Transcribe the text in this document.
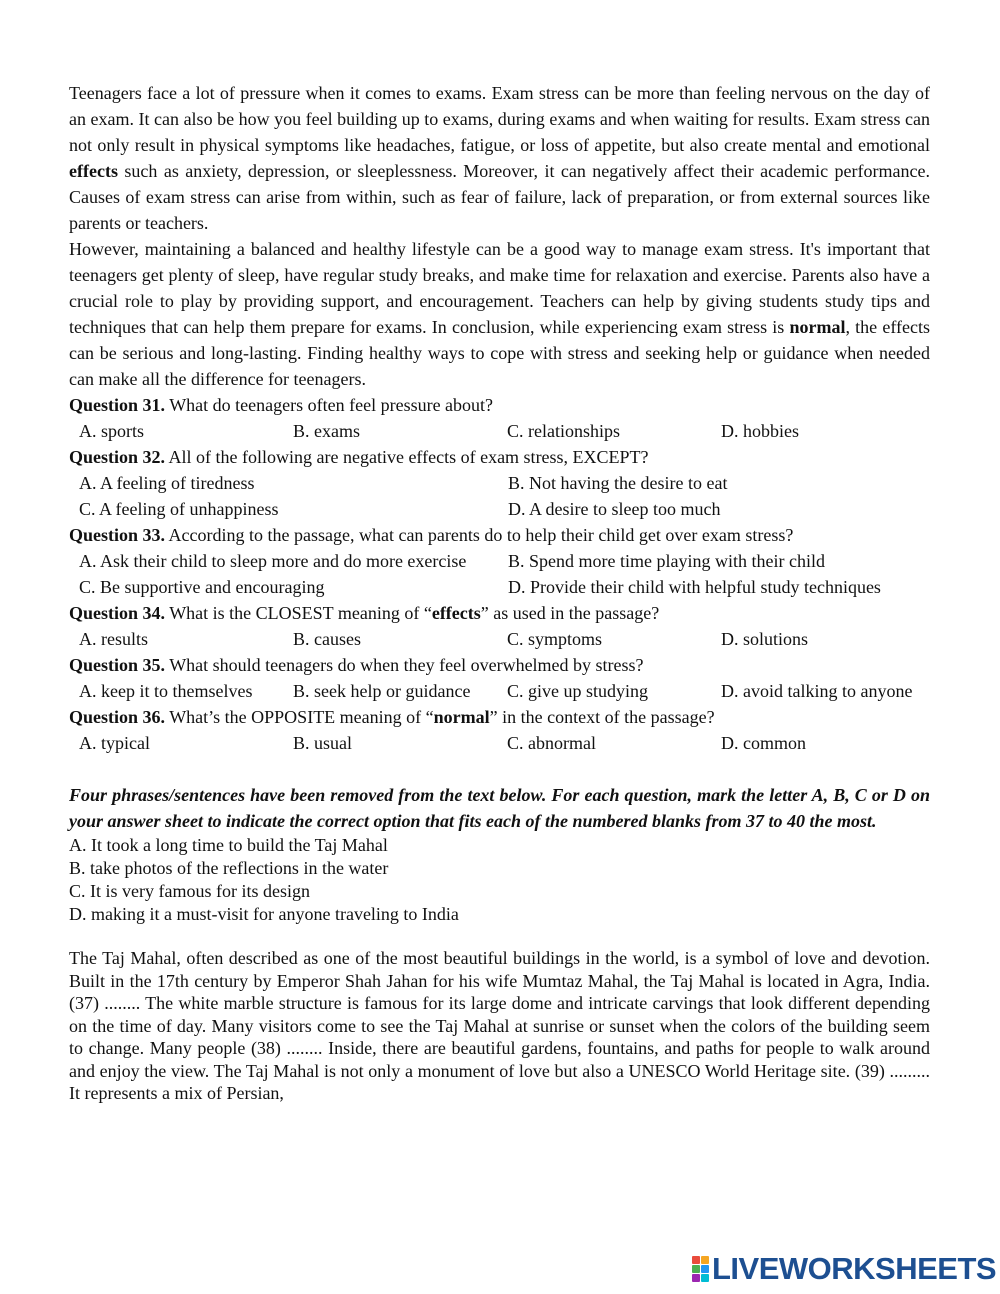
Teenagers face a lot of pressure when it comes to exams. Exam stress can be more than feeling nervous on the day of an exam. It can also be how you feel building up to exams, during exams and when waiting for results. Exam stress can not only result in physical symptoms like headaches, fatigue, or loss of appetite, but also create mental and emotional effects such as anxiety, depression, or sleeplessness. Moreover, it can negatively affect their academic performance. Causes of exam stress can arise from within, such as fear of failure, lack of preparation, or from external sources like parents or teachers.

However, maintaining a balanced and healthy lifestyle can be a good way to manage exam stress. It's important that teenagers get plenty of sleep, have regular study breaks, and make time for relaxation and exercise. Parents also have a crucial role to play by providing support, and encouragement. Teachers can help by giving students study tips and techniques that can help them prepare for exams. In conclusion, while experiencing exam stress is normal, the effects can be serious and long-lasting. Finding healthy ways to cope with stress and seeking help or guidance when needed can make all the difference for teenagers.

Question 31. What do teenagers often feel pressure about?

A. sports	B. exams	C. relationships	D. hobbies

Question 32. All of the following are negative effects of exam stress, EXCEPT?

A. A feeling of tiredness	B. Not having the desire to eat
C. A feeling of unhappiness	D. A desire to sleep too much

Question 33. According to the passage, what can parents do to help their child get over exam stress?

A. Ask their child to sleep more and do more exercise	B. Spend more time playing with their child
C. Be supportive and encouraging	D. Provide their child with helpful study techniques

Question 34. What is the CLOSEST meaning of “effects” as used in the passage?

A. results	B. causes	C. symptoms	D. solutions

Question 35. What should teenagers do when they feel overwhelmed by stress?

A. keep it to themselves	B. seek help or guidance	C. give up studying	D. avoid talking to anyone

Question 36. What’s the OPPOSITE meaning of “normal” in the context of the passage?

A. typical	B. usual	C. abnormal	D. common

Four phrases/sentences have been removed from the text below. For each question, mark the letter A, B, C or D on your answer sheet to indicate the correct option that fits each of the numbered blanks from 37 to 40 the most.

A. It took a long time to build the Taj Mahal

B. take photos of the reflections in the water

C. It is very famous for its design

D. making it a must-visit for anyone traveling to India

The Taj Mahal, often described as one of the most beautiful buildings in the world, is a symbol of love and devotion. Built in the 17th century by Emperor Shah Jahan for his wife Mumtaz Mahal, the Taj Mahal is located in Agra, India. (37) ........ The white marble structure is famous for its large dome and intricate carvings that look different depending on the time of day. Many visitors come to see the Taj Mahal at sunrise or sunset when the colors of the building seem to change. Many people (38) ........ Inside, there are beautiful gardens, fountains, and paths for people to walk around and enjoy the view. The Taj Mahal is not only a monument of love but also a UNESCO World Heritage site. (39) ......... It represents a mix of Persian,

LIVEWORKSHEETS
